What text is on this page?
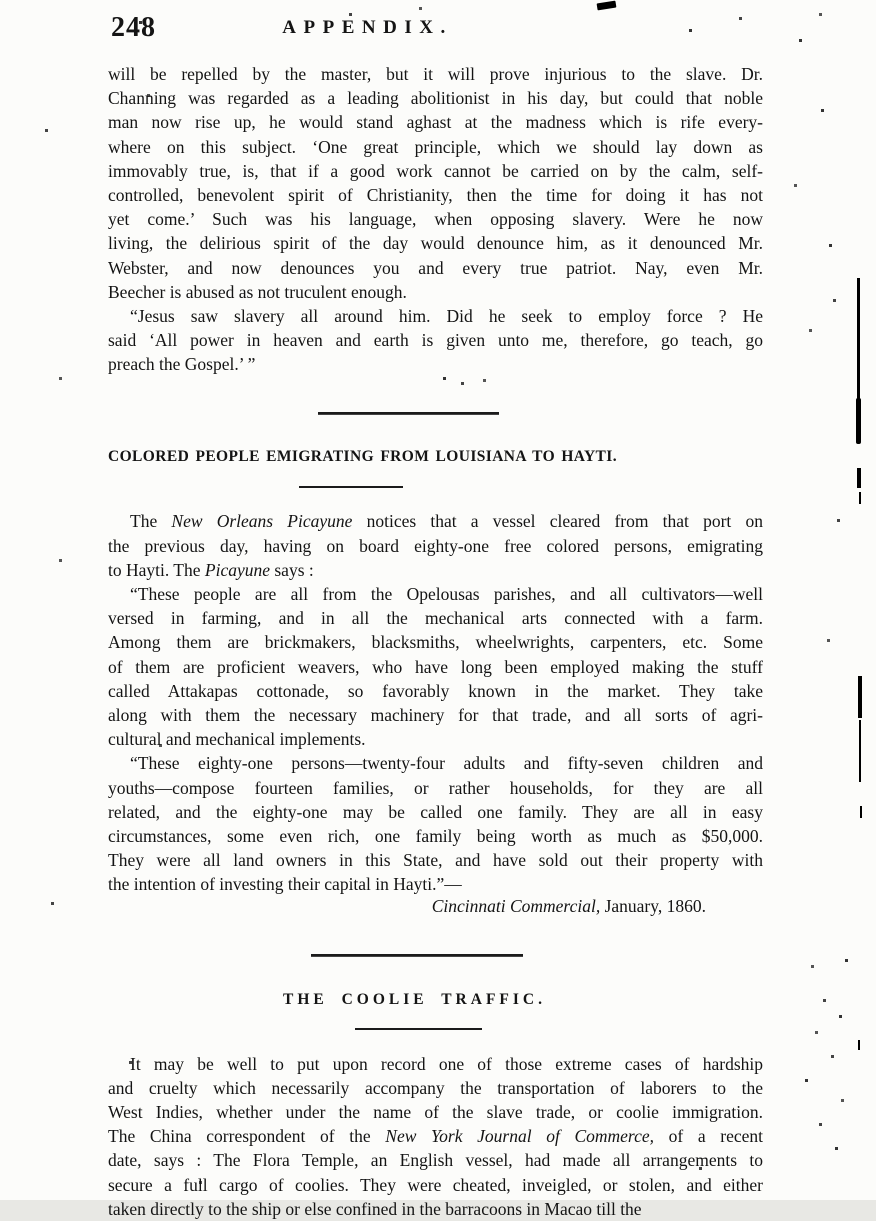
248	APPENDIX.
will be repelled by the master, but it will prove injurious to the slave. Dr.
Channing was regarded as a leading abolitionist in his day, but could that noble
man now rise up, he would stand aghast at the madness which is rife every-
where on this subject. ‘One great principle, which we should lay down as
immovably true, is, that if a good work cannot be carried on by the calm, self-
controlled, benevolent spirit of Christianity, then the time for doing it has not
yet come.’ Such was his language, when opposing slavery. Were he now
living, the delirious spirit of the day would denounce him, as it denounced Mr.
Webster, and now denounces you and every true patriot. Nay, even Mr.
Beecher is abused as not truculent enough.
“Jesus saw slavery all around him. Did he seek to employ force ? He
said ‘All power in heaven and earth is given unto me, therefore, go teach, go
preach the Gospel.’ ”
COLORED PEOPLE EMIGRATING FROM LOUISIANA TO HAYTI.
The New Orleans Picayune notices that a vessel cleared from that port on
the previous day, having on board eighty-one free colored persons, emigrating
to Hayti. The Picayune says :
“These people are all from the Opelousas parishes, and all cultivators—well
versed in farming, and in all the mechanical arts connected with a farm.
Among them are brickmakers, blacksmiths, wheelwrights, carpenters, etc. Some
of them are proficient weavers, who have long been employed making the stuff
called Attakapas cottonade, so favorably known in the market. They take
along with them the necessary machinery for that trade, and all sorts of agri-
cultural and mechanical implements.
“These eighty-one persons—twenty-four adults and fifty-seven children and
youths—compose fourteen families, or rather households, for they are all
related, and the eighty-one may be called one family. They are all in easy
circumstances, some even rich, one family being worth as much as $50,000.
They were all land owners in this State, and have sold out their property with
the intention of investing their capital in Hayti.”—
Cincinnati Commercial, January, 1860.
THE COOLIE TRAFFIC.
It may be well to put upon record one of those extreme cases of hardship
and cruelty which necessarily accompany the transportation of laborers to the
West Indies, whether under the name of the slave trade, or coolie immigration.
The China correspondent of the New York Journal of Commerce, of a recent
date, says : The Flora Temple, an English vessel, had made all arrangements to
secure a full cargo of coolies. They were cheated, inveigled, or stolen, and either
taken directly to the ship or else confined in the barracoons in Macao till the
